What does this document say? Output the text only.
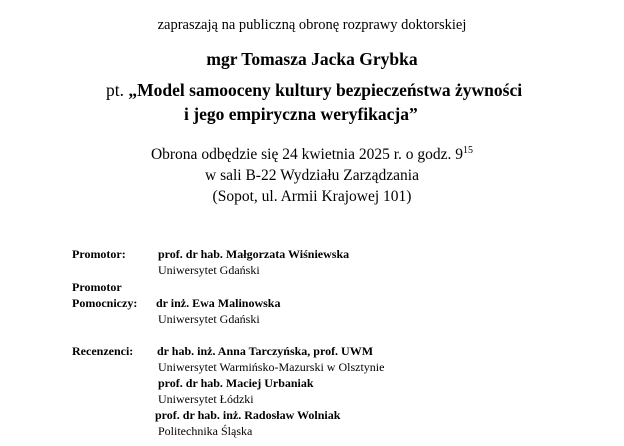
zapraszają na publiczną obronę rozprawy doktorskiej
mgr Tomasza Jacka Grybka
pt. „Model samooceny kultury bezpieczeństwa żywności
i jego empiryczna weryfikacja”
Obrona odbędzie się 24 kwietnia 2025 r. o godz. $9^{15}$
w sali B-22 Wydziału Zarządzania
(Sopot, ul. Armii Krajowej 101)
Promotor:	prof. dr hab. Małgorzata Wiśniewska
Uniwersytet Gdański
Promotor
Pomocniczy: dr inż. Ewa Malinowska
Uniwersytet Gdański
Recenzenci: dr hab. inż. Anna Tarczyńska, prof. UWM
Uniwersytet Warmińsko-Mazurski w Olsztynie
prof. dr hab. Maciej Urbaniak
Uniwersytet Łódzki
prof. dr hab. inż. Radosław Wolniak
Politechnika Śląska
